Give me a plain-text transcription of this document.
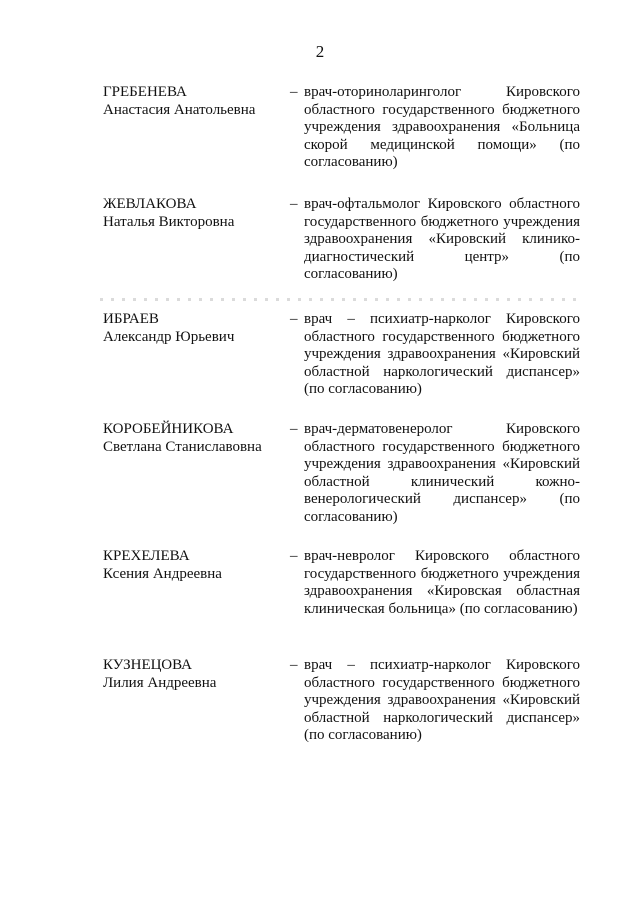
2
ГРЕБЕНЕВА
Анастасия Анатольевна
– врач-оториноларинголог Кировского областного государственного бюджетного учреждения здравоохранения «Больница скорой медицинской помощи» (по согласованию)
ЖЕВЛАКОВА
Наталья Викторовна
– врач-офтальмолог Кировского областного государственного бюджетного учреждения здравоохранения «Кировский клинико-диагностический центр» (по согласованию)
ИБРАЕВ
Александр Юрьевич
– врач – психиатр-нарколог Кировского областного государственного бюджетного учреждения здравоохранения «Кировский областной наркологический диспансер» (по согласованию)
КОРОБЕЙНИКОВА
Светлана Станиславовна
– врач-дерматовенеролог Кировского областного государственного бюджетного учреждения здравоохранения «Кировский областной клинический кожно-венерологический диспансер» (по согласованию)
КРЕХЕЛЕВА
Ксения Андреевна
– врач-невролог Кировского областного государственного бюджетного учреждения здравоохранения «Кировская областная клиническая больница» (по согласованию)
КУЗНЕЦОВА
Лилия Андреевна
– врач – психиатр-нарколог Кировского областного государственного бюджетного учреждения здравоохранения «Кировский областной наркологический диспансер» (по согласованию)
